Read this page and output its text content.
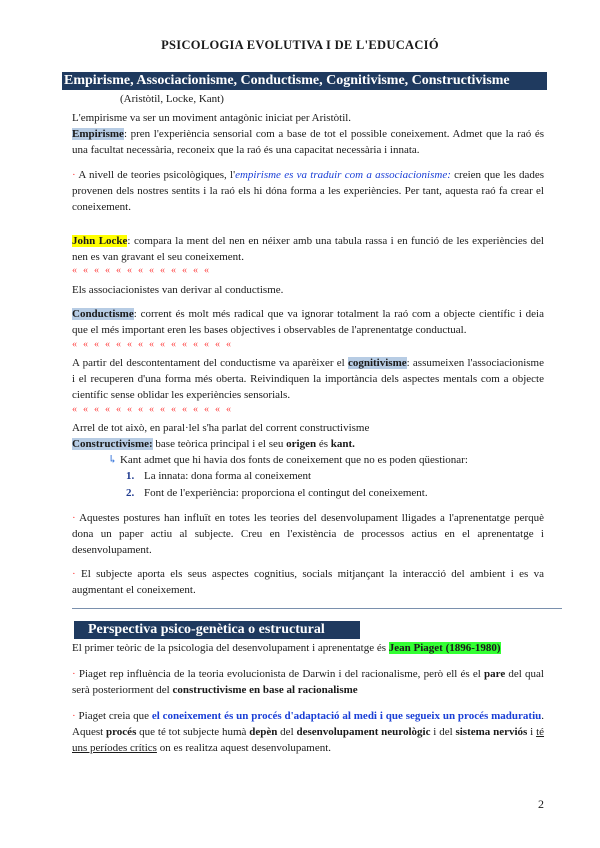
PSICOLOGIA EVOLUTIVA I DE L'EDUCACIÓ
Empirisme, Associacionisme, Conductisme, Cognitivisme, Constructivisme
(Aristòtil, Locke, Kant)
L'empirisme va ser un moviment antagònic iniciat per Aristòtil.
Empirisme: pren l'experiència sensorial com a base de tot el possible coneixement. Admet que la raó és una facultat necessària, reconeix que la raó és una capacitat necessària i innata.
· A nivell de teories psicològiques, l'empirisme es va traduir com a associacionisme: creien que les dades provenen dels nostres sentits i la raó els hi dóna forma a les experiències. Per tant, aquesta raó fa crear el coneixement.
John Locke: compara la ment del nen en néixer amb una tabula rassa i en funció de les experiències del nen es van gravant el seu coneixement.
«««««««««««««
Els associacionistes van derivar al conductisme.
Conductisme: corrent és molt més radical que va ignorar totalment la raó com a objecte científic i deia que el més important eren les bases objectives i observables de l'aprenentatge conductual.
«««««««««««««««
A partir del descontentament del conductisme va aparèixer el cognitivisme: assumeixen l'associacionisme i el recuperen d'una forma més oberta. Reivindiquen la importància dels aspectes mentals com a objecte científic sense oblidar les experiències sensorials.
«««««««««««««««
Arrel de tot això, en paral·lel s'ha parlat del corrent constructivisme
Constructivisme: base teòrica principal i el seu origen és kant.
↳ Kant admet que hi havia dos fonts de coneixement que no es poden qüestionar:
1. La innata: dona forma al coneixement
2. Font de l'experiència: proporciona el contingut del coneixement.
· Aquestes postures han influït en totes les teories del desenvolupament lligades a l'aprenentatge perquè dona un paper actiu al subjecte. Creu en l'existència de processos actius en el aprenentatge i desenvolupament.
· El subjecte aporta els seus aspectes cognitius, socials mitjançant la interacció del ambient i es va augmentant el coneixement.
Perspectiva psico-genètica o estructural
El primer teòric de la psicologia del desenvolupament i aprenentatge és Jean Piaget (1896-1980)
· Piaget rep influència de la teoria evolucionista de Darwin i del racionalisme, però ell és el pare del qual serà posteriorment del constructivisme en base al racionalisme
· Piaget creia que el coneixement és un procés d'adaptació al medi i que segueix un procés maduratiu. Aquest procés que té tot subjecte humà depèn del desenvolupament neurològic i del sistema nerviós i té uns períodes crítics on es realitza aquest desenvolupament.
2
